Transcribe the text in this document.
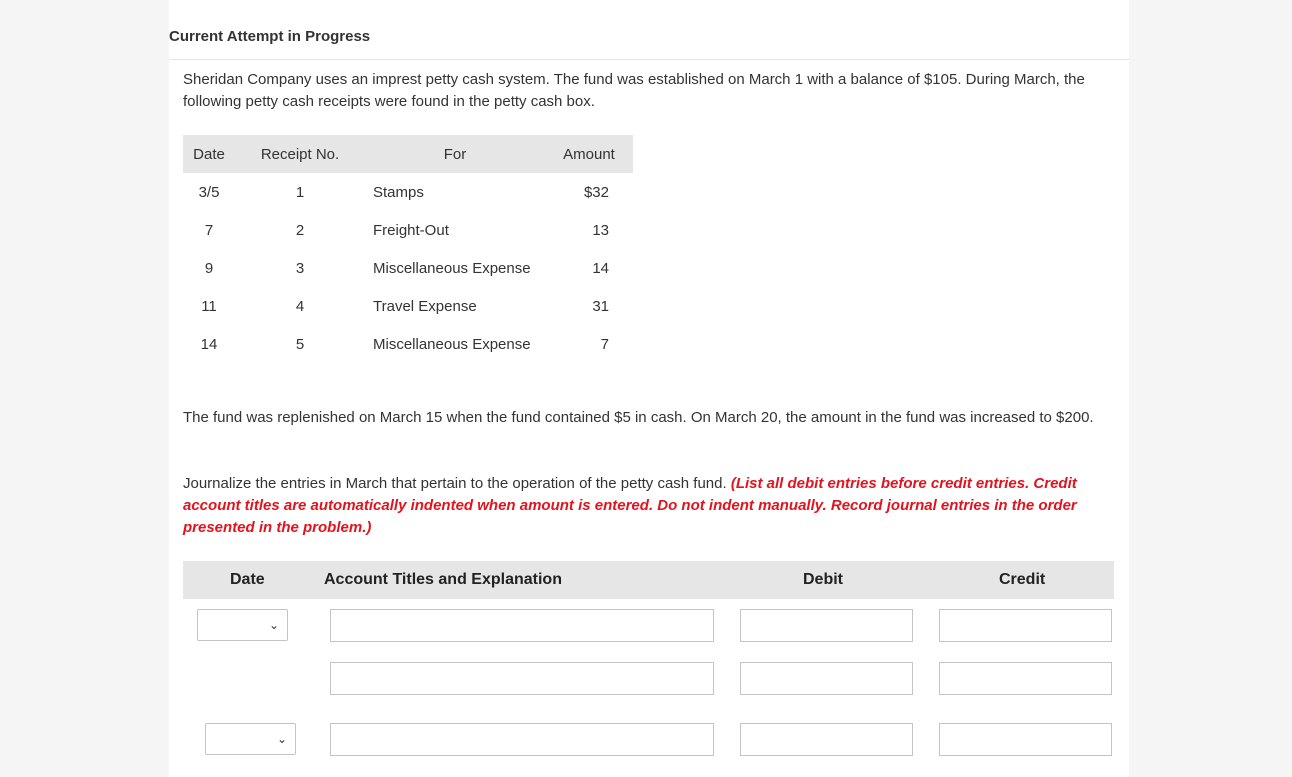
Current Attempt in Progress
Sheridan Company uses an imprest petty cash system. The fund was established on March 1 with a balance of $105. During March, the following petty cash receipts were found in the petty cash box.
Date	Receipt No.	For	Amount
3/5	1	Stamps	$32
7	2	Freight-Out	13
9	3	Miscellaneous Expense	14
11	4	Travel Expense	31
14	5	Miscellaneous Expense	7
The fund was replenished on March 15 when the fund contained $5 in cash. On March 20, the amount in the fund was increased to $200.
Journalize the entries in March that pertain to the operation of the petty cash fund. (List all debit entries before credit entries. Credit account titles are automatically indented when amount is entered. Do not indent manually. Record journal entries in the order presented in the problem.)
Date	Account Titles and Explanation	Debit	Credit
⌄
⌄
